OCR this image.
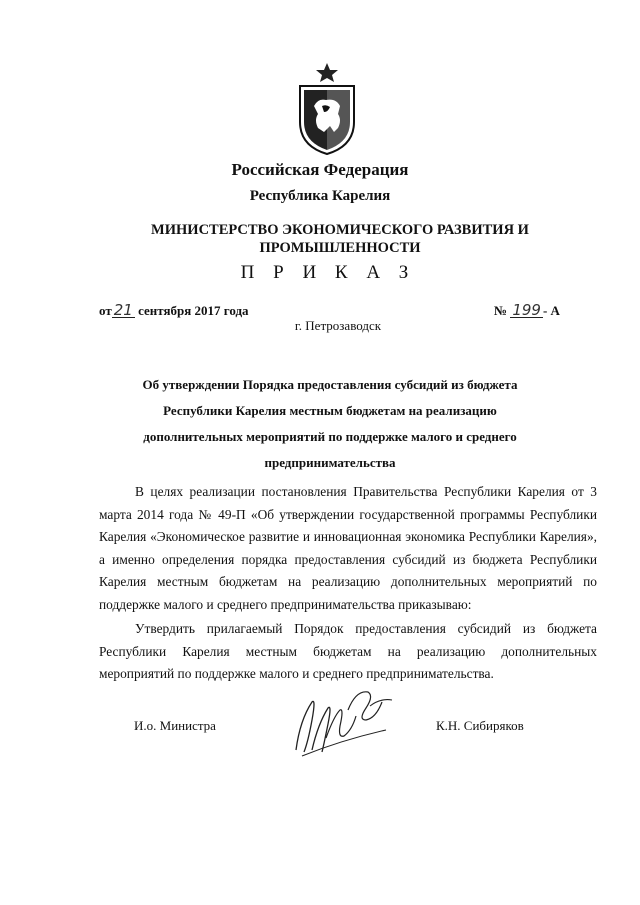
Российская Федерация
Республика Карелия
МИНИСТЕРСТВО ЭКОНОМИЧЕСКОГО РАЗВИТИЯ И ПРОМЫШЛЕННОСТИ
П Р И К А З
от 21 сентября 2017 года	№ 199 - А
г. Петрозаводск
Об утверждении Порядка предоставления субсидий из бюджета Республики Карелия местным бюджетам на реализацию дополнительных мероприятий по поддержке малого и среднего предпринимательства
В целях реализации постановления Правительства Республики Карелия от 3 марта 2014 года № 49-П «Об утверждении государственной программы Республики Карелия «Экономическое развитие и инновационная экономика Республики Карелия», а именно определения порядка предоставления субсидий из бюджета Республики Карелия местным бюджетам на реализацию дополнительных мероприятий по поддержке малого и среднего предпринимательства приказываю:
Утвердить прилагаемый Порядок предоставления субсидий из бюджета Республики Карелия местным бюджетам на реализацию дополнительных мероприятий по поддержке малого и среднего предпринимательства.
И.о. Министра	К.Н. Сибиряков
